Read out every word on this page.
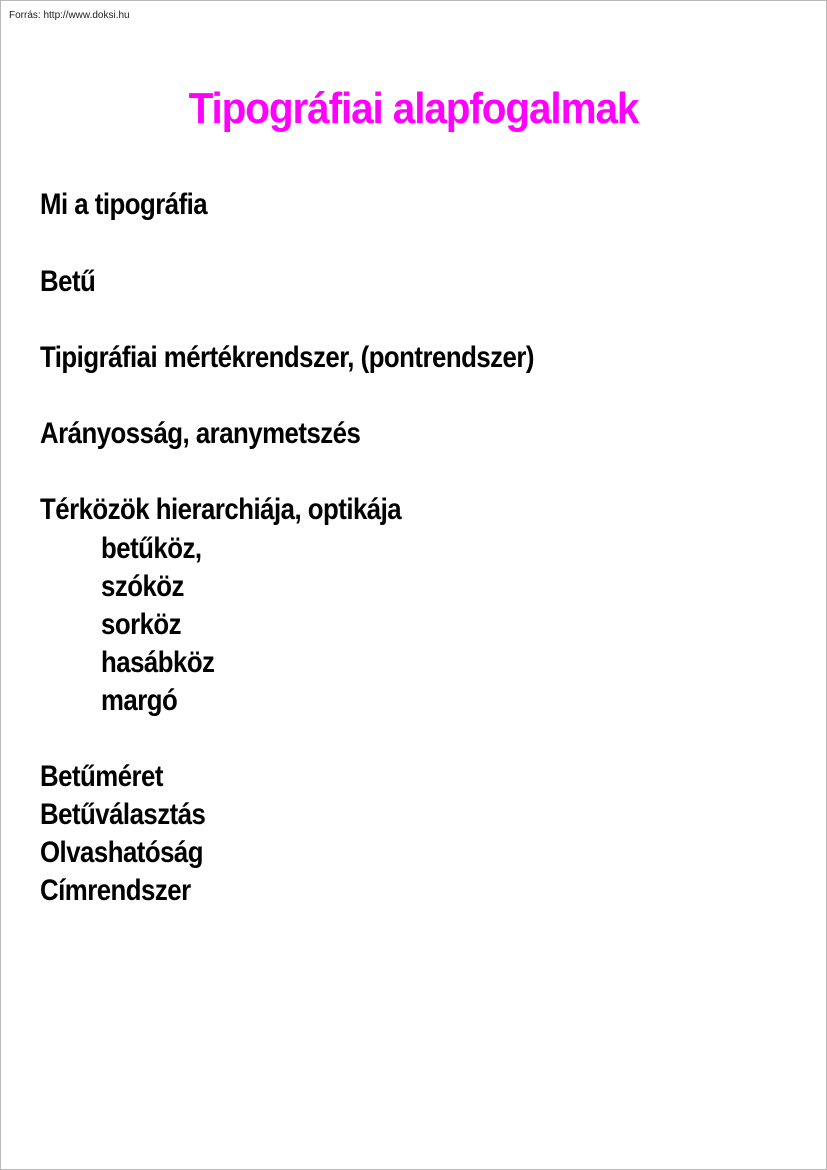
Forrás: http://www.doksi.hu
Tipográfiai alapfogalmak
Mi a tipográfia
Betű
Tipigráfiai mértékrendszer, (pontrendszer)
Arányosság, aranymetszés
Térközök hierarchiája, optikája
betűköz,
szóköz
sorköz
hasábköz
margó
Betűméret
Betűválasztás
Olvashatóság
Címrendszer
